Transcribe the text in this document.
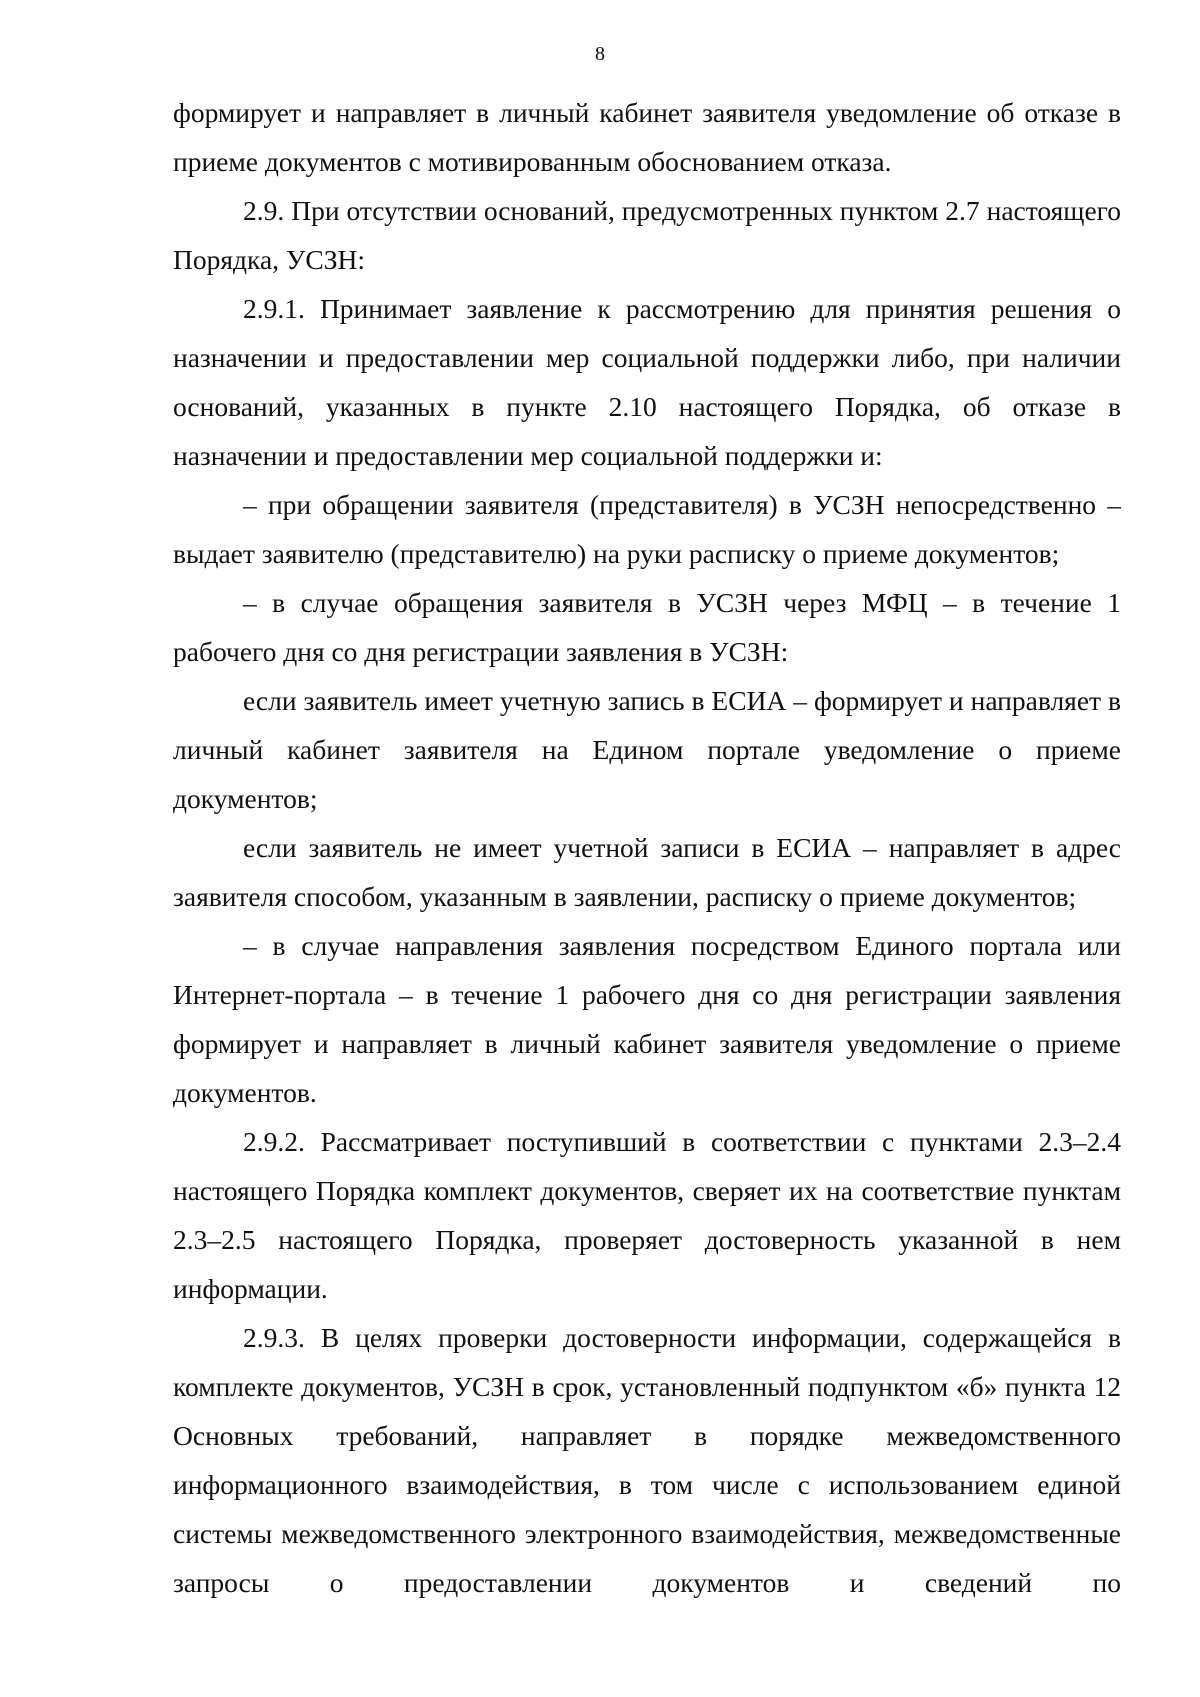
8

формирует и направляет в личный кабинет заявителя уведомление об отказе в приеме документов с мотивированным обоснованием отказа.

2.9. При отсутствии оснований, предусмотренных пунктом 2.7 настоящего Порядка, УСЗН:

2.9.1. Принимает заявление к рассмотрению для принятия решения о назначении и предоставлении мер социальной поддержки либо, при наличии оснований, указанных в пункте 2.10 настоящего Порядка, об отказе в назначении и предоставлении мер социальной поддержки и:

– при обращении заявителя (представителя) в УСЗН непосредственно – выдает заявителю (представителю) на руки расписку о приеме документов;

– в случае обращения заявителя в УСЗН через МФЦ – в течение 1 рабочего дня со дня регистрации заявления в УСЗН:

если заявитель имеет учетную запись в ЕСИА – формирует и направляет в личный кабинет заявителя на Едином портале уведомление о приеме документов;

если заявитель не имеет учетной записи в ЕСИА – направляет в адрес заявителя способом, указанным в заявлении, расписку о приеме документов;

– в случае направления заявления посредством Единого портала или Интернет-портала – в течение 1 рабочего дня со дня регистрации заявления формирует и направляет в личный кабинет заявителя уведомление о приеме документов.

2.9.2. Рассматривает поступивший в соответствии с пунктами 2.3–2.4 настоящего Порядка комплект документов, сверяет их на соответствие пунктам 2.3–2.5 настоящего Порядка, проверяет достоверность указанной в нем информации.

2.9.3. В целях проверки достоверности информации, содержащейся в комплекте документов, УСЗН в срок, установленный подпунктом «б» пункта 12 Основных требований, направляет в порядке межведомственного информационного взаимодействия, в том числе с использованием единой системы межведомственного электронного взаимодействия, межведомственные запросы о предоставлении документов и сведений по
